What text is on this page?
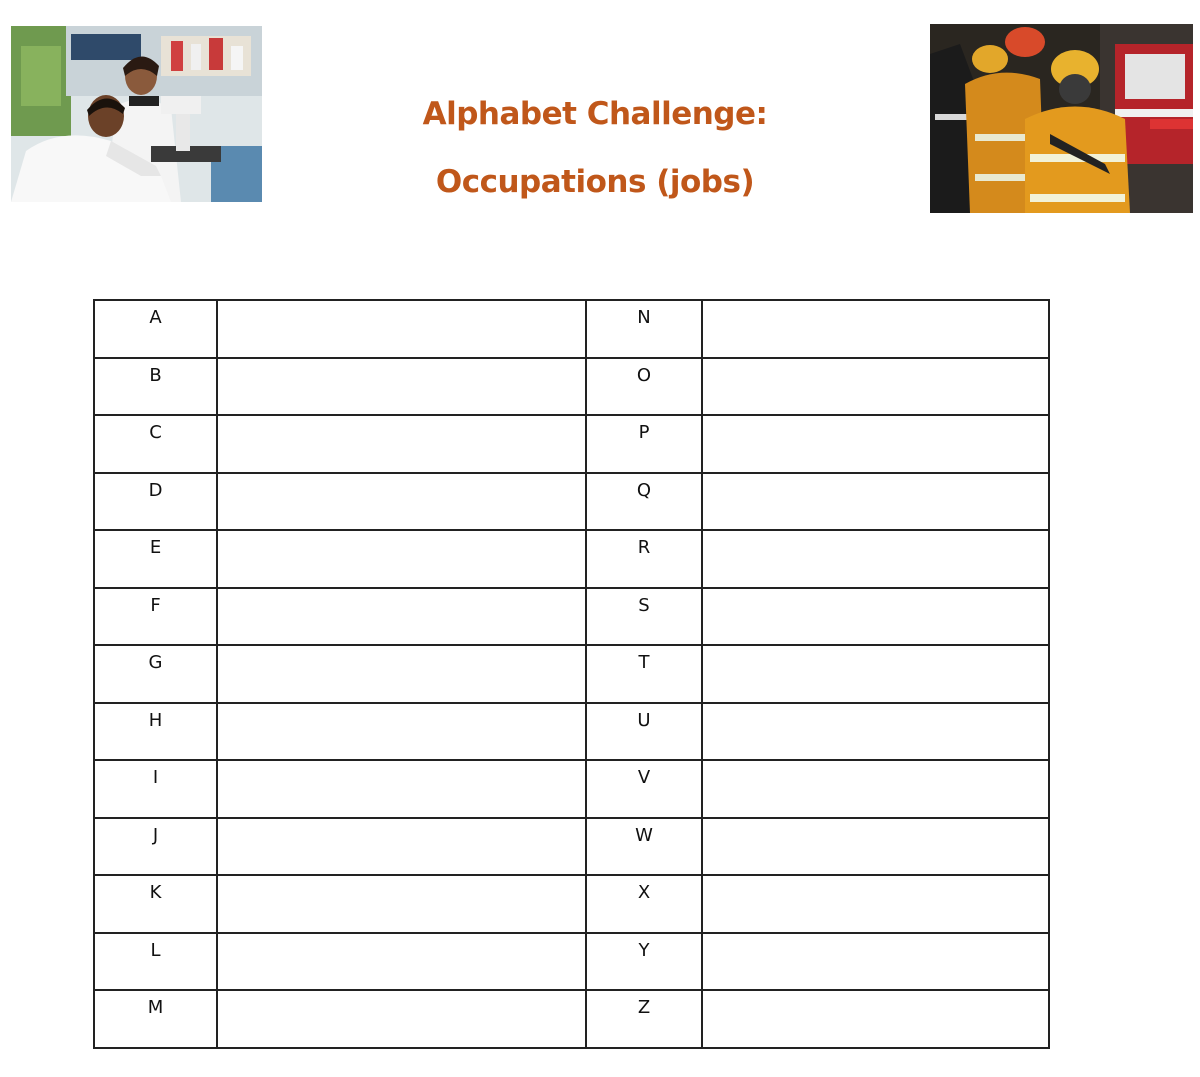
Alphabet Challenge:
Occupations (jobs)
A		N	
B		O	
C		P	
D		Q	
E		R	
F		S	
G		T	
H		U	
I		V	
J		W	
K		X	
L		Y	
M		Z	
